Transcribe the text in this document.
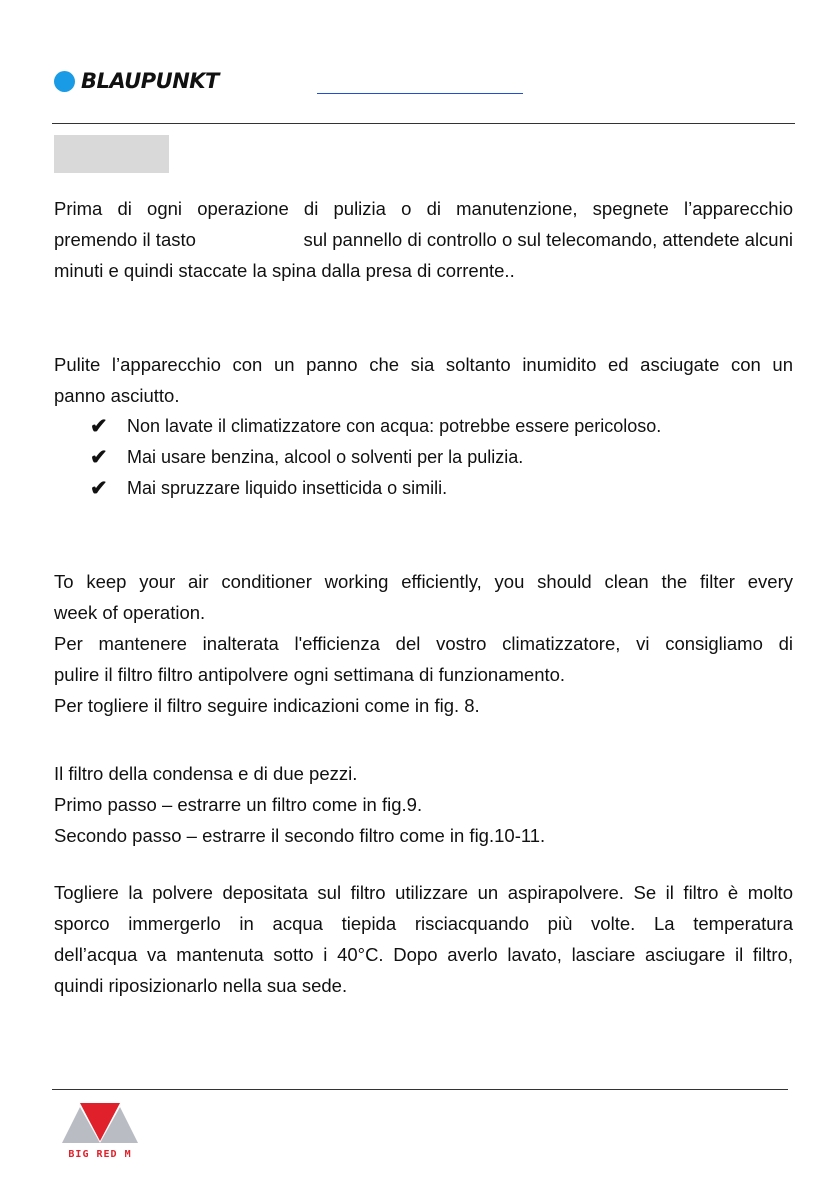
BLAUPUNKT
Prima di ogni operazione di pulizia o di manutenzione, spegnete l’apparecchio
premendo il tasto	sul pannello di controllo o sul telecomando, attendete alcuni
minuti e quindi staccate la spina dalla presa di corrente..
Pulite l’apparecchio con un panno che sia soltanto inumidito ed asciugate con un
panno asciutto.
✔ Non lavate il climatizzatore con acqua: potrebbe essere pericoloso.
✔ Mai usare benzina, alcool o solventi per la pulizia.
✔ Mai spruzzare liquido insetticida o simili.
To keep your air conditioner working efficiently, you should clean the filter every
week of operation.
Per mantenere inalterata l'efficienza del vostro climatizzatore, vi consigliamo di
pulire il filtro filtro antipolvere ogni settimana di funzionamento.
Per togliere il filtro seguire indicazioni come in fig. 8.
Il filtro della condensa e di due pezzi.
Primo passo – estrarre un filtro come in fig.9.
Secondo passo – estrarre il secondo filtro come in fig.10-11.
Togliere la polvere depositata sul filtro utilizzare un aspirapolvere. Se il filtro è molto
sporco immergerlo in acqua tiepida risciacquando più volte. La temperatura
dell’acqua va mantenuta sotto i 40°C. Dopo averlo lavato, lasciare asciugare il filtro,
quindi riposizionarlo nella sua sede.
BIG RED M
